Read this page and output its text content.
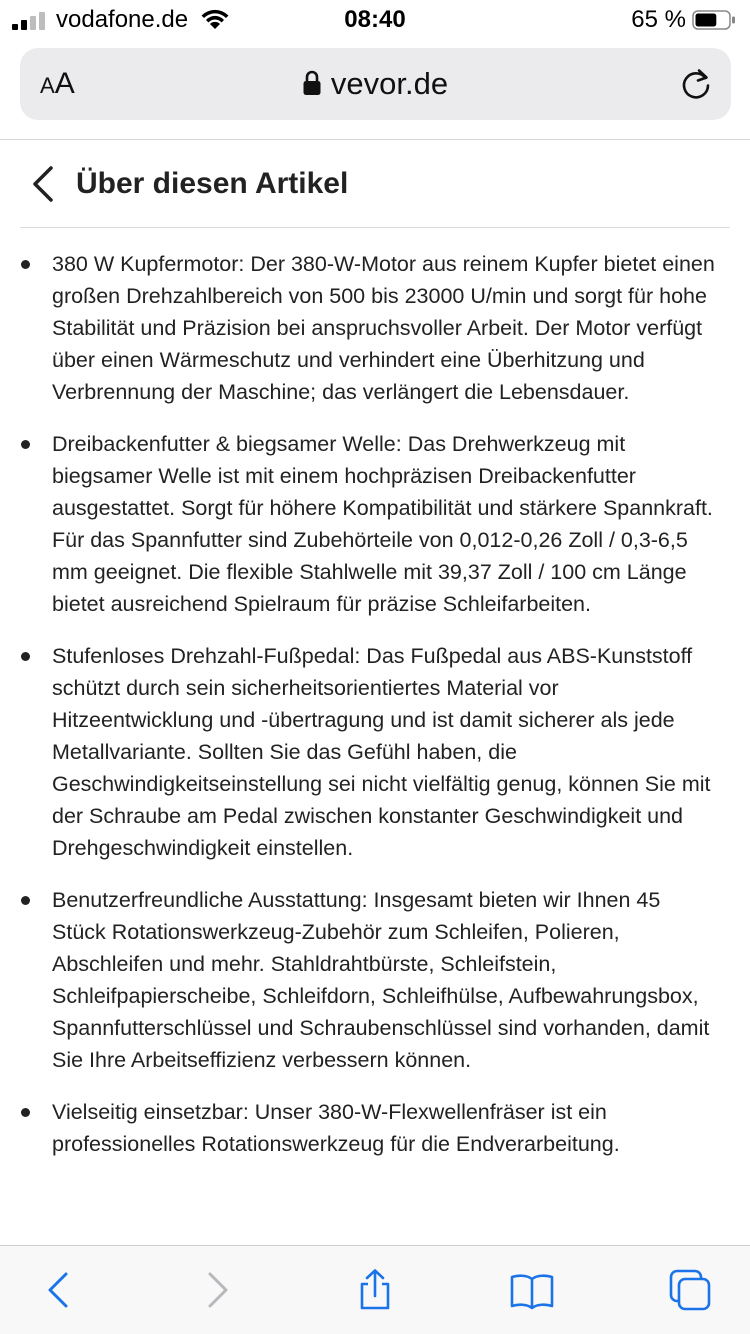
vodafone.de	08:40	65 %
AA	vevor.de
Über diesen Artikel
380 W Kupfermotor: Der 380-W-Motor aus reinem Kupfer bietet einen großen Drehzahlbereich von 500 bis 23000 U/min und sorgt für hohe Stabilität und Präzision bei anspruchsvoller Arbeit. Der Motor verfügt über einen Wärmeschutz und verhindert eine Überhitzung und Verbrennung der Maschine; das verlängert die Lebensdauer.
Dreibackenfutter & biegsamer Welle: Das Drehwerkzeug mit biegsamer Welle ist mit einem hochpräzisen Dreibackenfutter ausgestattet. Sorgt für höhere Kompatibilität und stärkere Spannkraft. Für das Spannfutter sind Zubehörteile von 0,012-0,26 Zoll / 0,3-6,5 mm geeignet. Die flexible Stahlwelle mit 39,37 Zoll / 100 cm Länge bietet ausreichend Spielraum für präzise Schleifarbeiten.
Stufenloses Drehzahl-Fußpedal: Das Fußpedal aus ABS-Kunststoff schützt durch sein sicherheitsorientiertes Material vor Hitzeentwicklung und -übertragung und ist damit sicherer als jede Metallvariante. Sollten Sie das Gefühl haben, die Geschwindigkeitseinstellung sei nicht vielfältig genug, können Sie mit der Schraube am Pedal zwischen konstanter Geschwindigkeit und Drehgeschwindigkeit einstellen.
Benutzerfreundliche Ausstattung: Insgesamt bieten wir Ihnen 45 Stück Rotationswerkzeug-Zubehör zum Schleifen, Polieren, Abschleifen und mehr. Stahldrahtbürste, Schleifstein, Schleifpapierscheibe, Schleifdorn, Schleifhülse, Aufbewahrungsbox, Spannfutterschlüssel und Schraubenschlüssel sind vorhanden, damit Sie Ihre Arbeitseffizienz verbessern können.
Vielseitig einsetzbar: Unser 380-W-Flexwellenfräser ist ein professionelles Rotationswerkzeug für die Endverarbeitung.
